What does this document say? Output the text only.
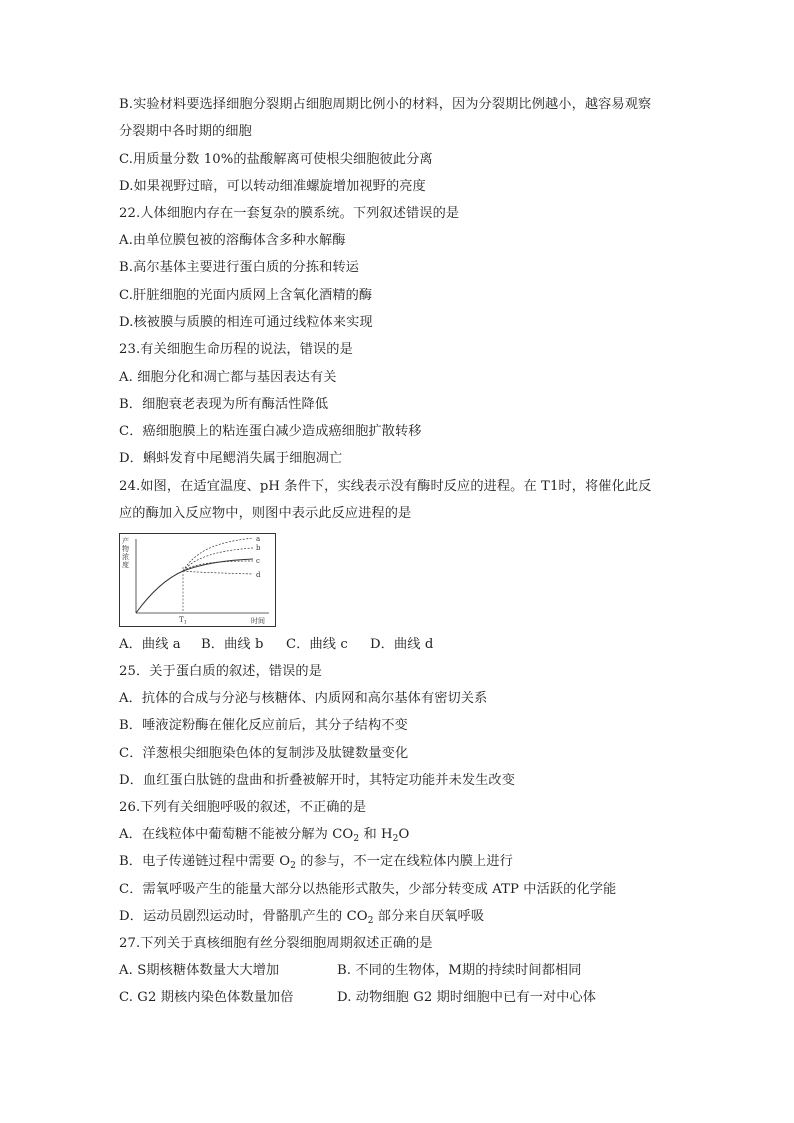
B.实验材料要选择细胞分裂期占细胞周期比例小的材料，因为分裂期比例越小，越容易观察
分裂期中各时期的细胞
C.用质量分数 10%的盐酸解离可使根尖细胞彼此分离
D.如果视野过暗，可以转动细准螺旋增加视野的亮度
22.人体细胞内存在一套复杂的膜系统。下列叙述错误的是
A.由单位膜包被的溶酶体含多种水解酶
B.高尔基体主要进行蛋白质的分拣和转运
C.肝脏细胞的光面内质网上含氧化酒精的酶
D.核被膜与质膜的相连可通过线粒体来实现
23.有关细胞生命历程的说法，错误的是
A. 细胞分化和凋亡都与基因表达有关
B．细胞衰老表现为所有酶活性降低
C．癌细胞膜上的粘连蛋白减少造成癌细胞扩散转移
D．蝌蚪发育中尾鳃消失属于细胞凋亡
24.如图，在适宜温度、pH 条件下，实线表示没有酶时反应的进程。在 T1时，将催化此反
应的酶加入反应物中，则图中表示此反应进程的是
产
物
浓
度
$T_1$	时间
a
b
c
d
A．曲线 a B．曲线 b C．曲线 c D．曲线 d
25．关于蛋白质的叙述，错误的是
A．抗体的合成与分泌与核糖体、内质网和高尔基体有密切关系
B．唾液淀粉酶在催化反应前后，其分子结构不变
C．洋葱根尖细胞染色体的复制涉及肽键数量变化
D．血红蛋白肽链的盘曲和折叠被解开时，其特定功能并未发生改变
26.下列有关细胞呼吸的叙述，不正确的是
A．在线粒体中葡萄糖不能被分解为 $CO_2$ 和 $H_2O$
B．电子传递链过程中需要 $O_2$ 的参与，不一定在线粒体内膜上进行
C．需氧呼吸产生的能量大部分以热能形式散失，少部分转变成 ATP 中活跃的化学能
D．运动员剧烈运动时，骨骼肌产生的 $CO_2$ 部分来自厌氧呼吸
27.下列关于真核细胞有丝分裂细胞周期叙述正确的是
A. S期核糖体数量大大增加	B. 不同的生物体，M期的持续时间都相同
C. G2 期核内染色体数量加倍	D. 动物细胞 G2 期时细胞中已有一对中心体
